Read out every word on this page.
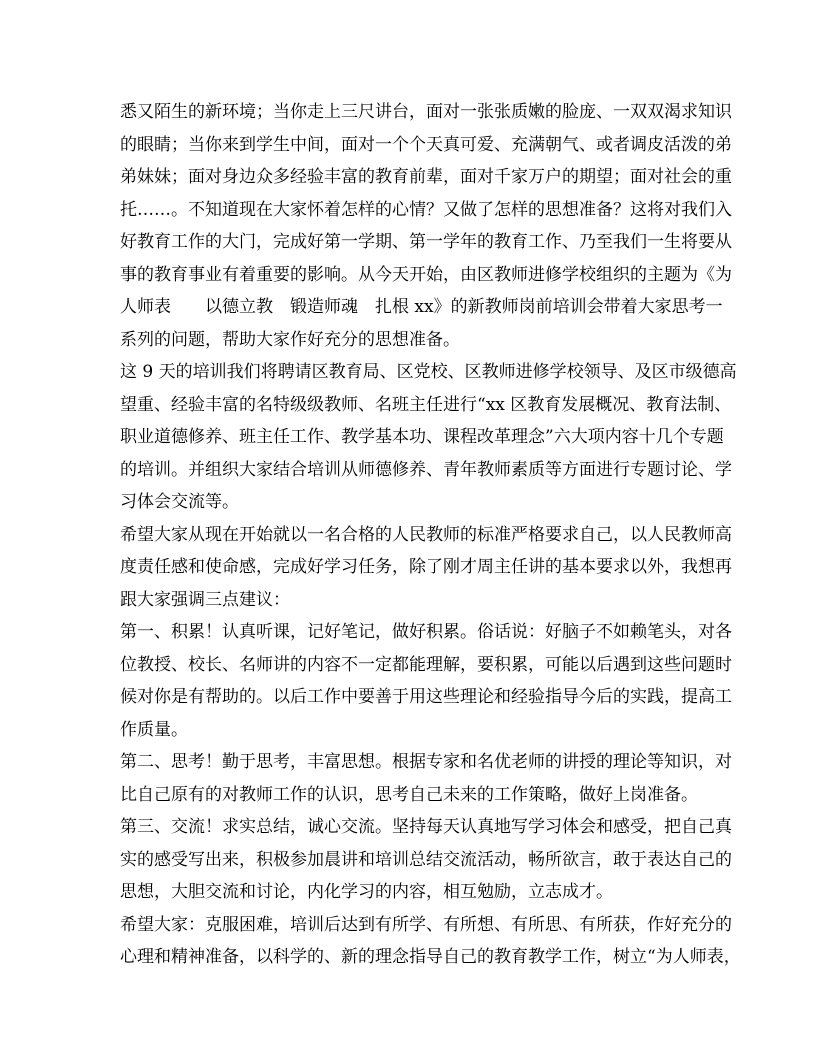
悉又陌生的新环境；当你走上三尺讲台，面对一张张质嫩的脸庞、一双双渴求知识
的眼睛；当你来到学生中间，面对一个个天真可爱、充满朝气、或者调皮活泼的弟
弟妹妹；面对身边众多经验丰富的教育前辈，面对千家万户的期望；面对社会的重
托……。不知道现在大家怀着怎样的心情？又做了怎样的思想准备？这将对我们入
好教育工作的大门，完成好第一学期、第一学年的教育工作、乃至我们一生将要从
事的教育事业有着重要的影响。从今天开始，由区教师进修学校组织的主题为《为
人师表　　以德立教　锻造师魂　扎根 xx》的新教师岗前培训会带着大家思考一
系列的问题，帮助大家作好充分的思想准备。
这 9 天的培训我们将聘请区教育局、区党校、区教师进修学校领导、及区市级德高
望重、经验丰富的名特级级教师、名班主任进行“xx 区教育发展概况、教育法制、
职业道德修养、班主任工作、教学基本功、课程改革理念”六大项内容十几个专题
的培训。并组织大家结合培训从师德修养、青年教师素质等方面进行专题讨论、学
习体会交流等。
希望大家从现在开始就以一名合格的人民教师的标准严格要求自己，以人民教师高
度责任感和使命感，完成好学习任务，除了刚才周主任讲的基本要求以外，我想再
跟大家强调三点建议：
第一、积累！认真听课，记好笔记，做好积累。俗话说：好脑子不如赖笔头，对各
位教授、校长、名师讲的内容不一定都能理解，要积累，可能以后遇到这些问题时
候对你是有帮助的。以后工作中要善于用这些理论和经验指导今后的实践，提高工
作质量。
第二、思考！勤于思考，丰富思想。根据专家和名优老师的讲授的理论等知识，对
比自己原有的对教师工作的认识，思考自己未来的工作策略，做好上岗准备。
第三、交流！求实总结，诚心交流。坚持每天认真地写学习体会和感受，把自己真
实的感受写出来，积极参加晨讲和培训总结交流活动，畅所欲言，敢于表达自己的
思想，大胆交流和讨论，内化学习的内容，相互勉励，立志成才。
希望大家：克服困难，培训后达到有所学、有所想、有所思、有所获，作好充分的
心理和精神准备，以科学的、新的理念指导自己的教育教学工作，树立“为人师表，
